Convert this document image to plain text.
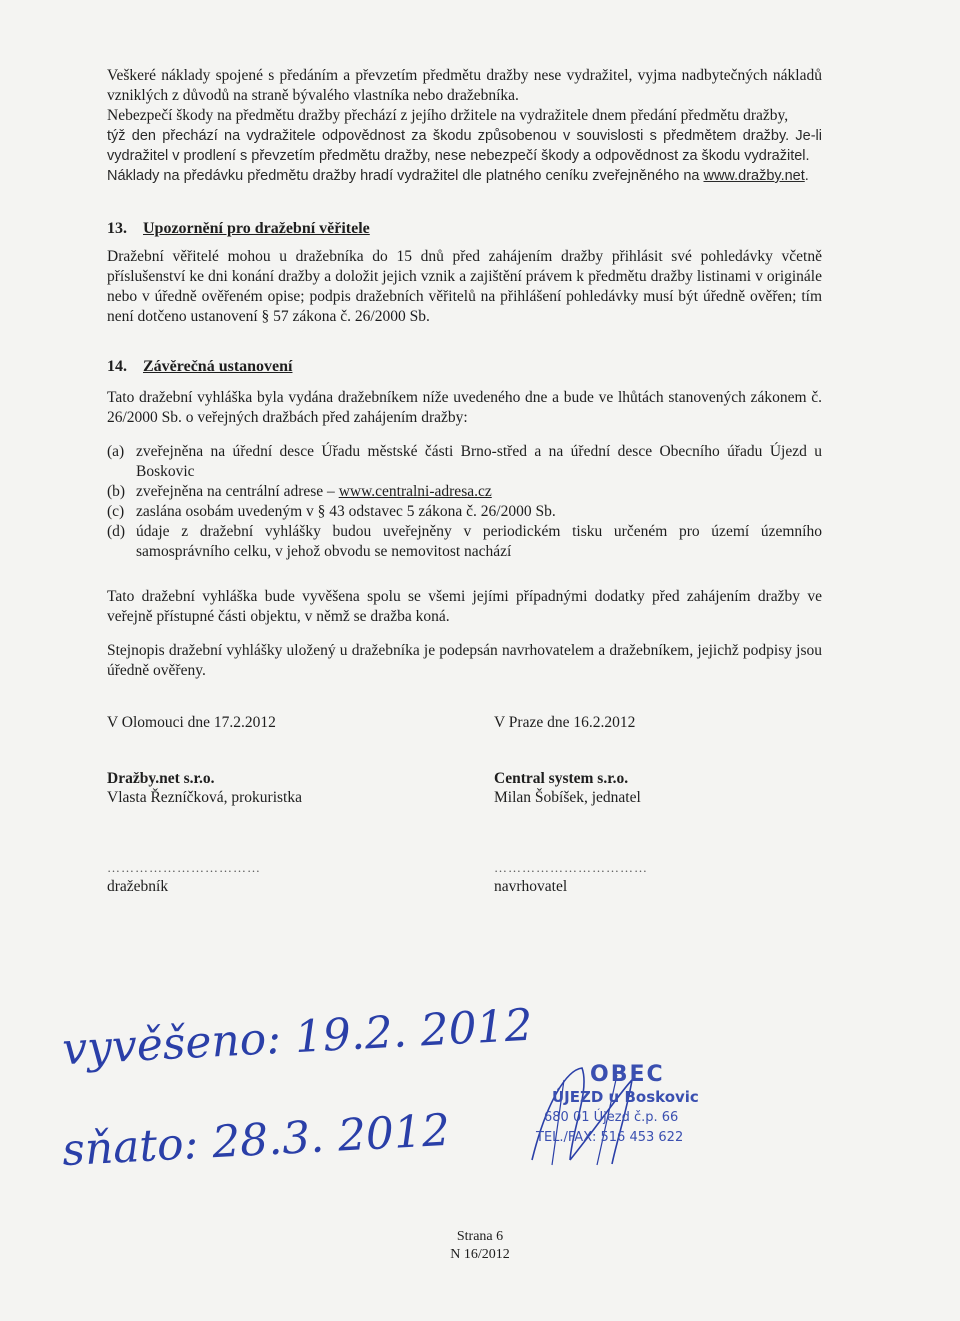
Veškeré náklady spojené s předáním a převzetím předmětu dražby nese vydražitel, vyjma nadbytečných nákladů vzniklých z důvodů na straně bývalého vlastníka nebo dražebníka.
Nebezpečí škody na předmětu dražby přechází z jejího držitele na vydražitele dnem předání předmětu dražby,
týž den přechází na vydražitele odpovědnost za škodu způsobenou v souvislosti s předmětem dražby. Je-li vydražitel v prodlení s převzetím předmětu dražby, nese nebezpečí škody a odpovědnost za škodu vydražitel.
Náklady na předávku předmětu dražby hradí vydražitel dle platného ceníku zveřejněného na www.dražby.net.
13. Upozornění pro dražební věřitele
Dražební věřitelé mohou u dražebníka do 15 dnů před zahájením dražby přihlásit své pohledávky včetně příslušenství ke dni konání dražby a doložit jejich vznik a zajištění právem k předmětu dražby listinami v originále nebo v úředně ověřeném opise; podpis dražebních věřitelů na přihlášení pohledávky musí být úředně ověřen; tím není dotčeno ustanovení § 57 zákona č. 26/2000 Sb.
14. Závěrečná ustanovení
Tato dražební vyhláška byla vydána dražebníkem níže uvedeného dne a bude ve lhůtách stanovených zákonem č. 26/2000 Sb. o veřejných dražbách před zahájením dražby:
(a) zveřejněna na úřední desce Úřadu městské části Brno-střed a na úřední desce Obecního úřadu Újezd u Boskovic
(b) zveřejněna na centrální adrese – www.centralni-adresa.cz
(c) zaslána osobám uvedeným v § 43 odstavec 5 zákona č. 26/2000 Sb.
(d) údaje z dražební vyhlášky budou uveřejněny v periodickém tisku určeném pro území územního samosprávního celku, v jehož obvodu se nemovitost nachází
Tato dražební vyhláška bude vyvěšena spolu se všemi jejími případnými dodatky před zahájením dražby ve veřejně přístupné části objektu, v němž se dražba koná.
Stejnopis dražební vyhlášky uložený u dražebníka je podepsán navrhovatelem a dražebníkem, jejichž podpisy jsou úředně ověřeny.
V Olomouci dne 17.2.2012
Dražby.net s.r.o.
Vlasta Řezníčková, prokuristka
……………………………
dražebník
V Praze dne 16.2.2012
Central system s.r.o.
Milan Šobíšek, jednatel
……………………………
navrhovatel
vyvěšeno: 19.2. 2012
sňato: 28.3. 2012
OBEC
ÚJEZD u Boskovic
680 01 Újezd č.p. 66
TEL./FAX: 516 453 622
Strana 6
N 16/2012
